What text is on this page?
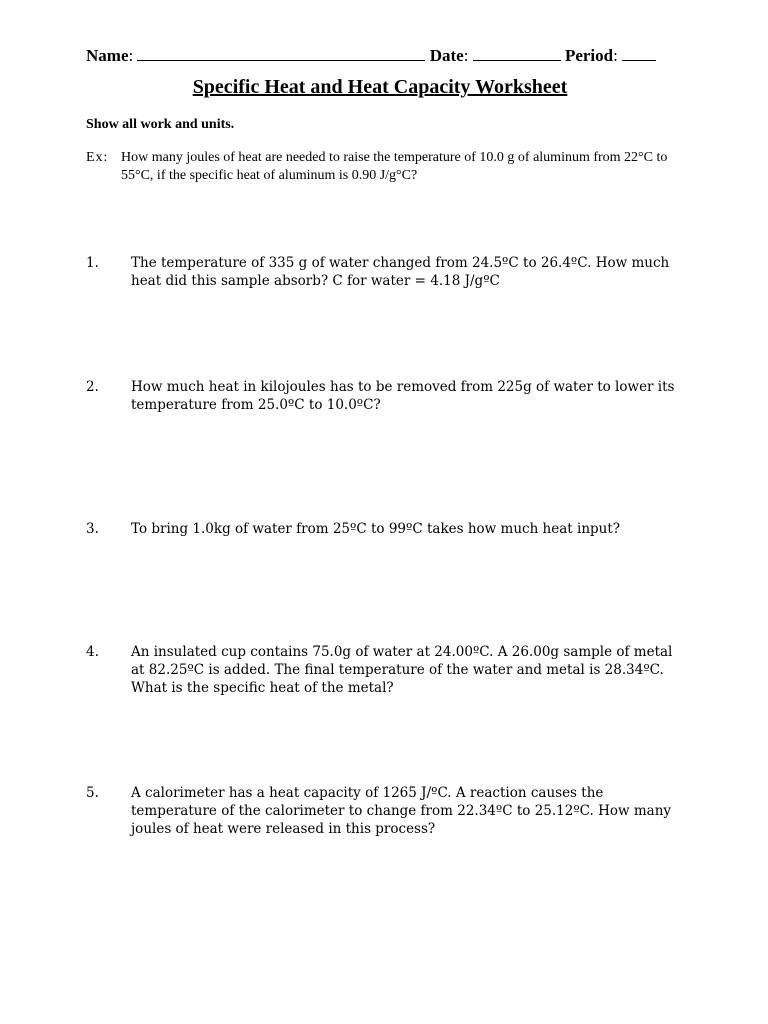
Name:	Date:	Period:
Specific Heat and Heat Capacity Worksheet
Show all work and units.
Ex: How many joules of heat are needed to raise the temperature of 10.0 g of aluminum from 22°C to 55°C, if the specific heat of aluminum is 0.90 J/g°C?
1. The temperature of 335 g of water changed from 24.5ºC to 26.4ºC. How much heat did this sample absorb? C for water = 4.18 J/gºC
2. How much heat in kilojoules has to be removed from 225g of water to lower its temperature from 25.0ºC to 10.0ºC?
3. To bring 1.0kg of water from 25ºC to 99ºC takes how much heat input?
4. An insulated cup contains 75.0g of water at 24.00ºC. A 26.00g sample of metal at 82.25ºC is added. The final temperature of the water and metal is 28.34ºC. What is the specific heat of the metal?
5. A calorimeter has a heat capacity of 1265 J/ºC. A reaction causes the temperature of the calorimeter to change from 22.34ºC to 25.12ºC. How many joules of heat were released in this process?
